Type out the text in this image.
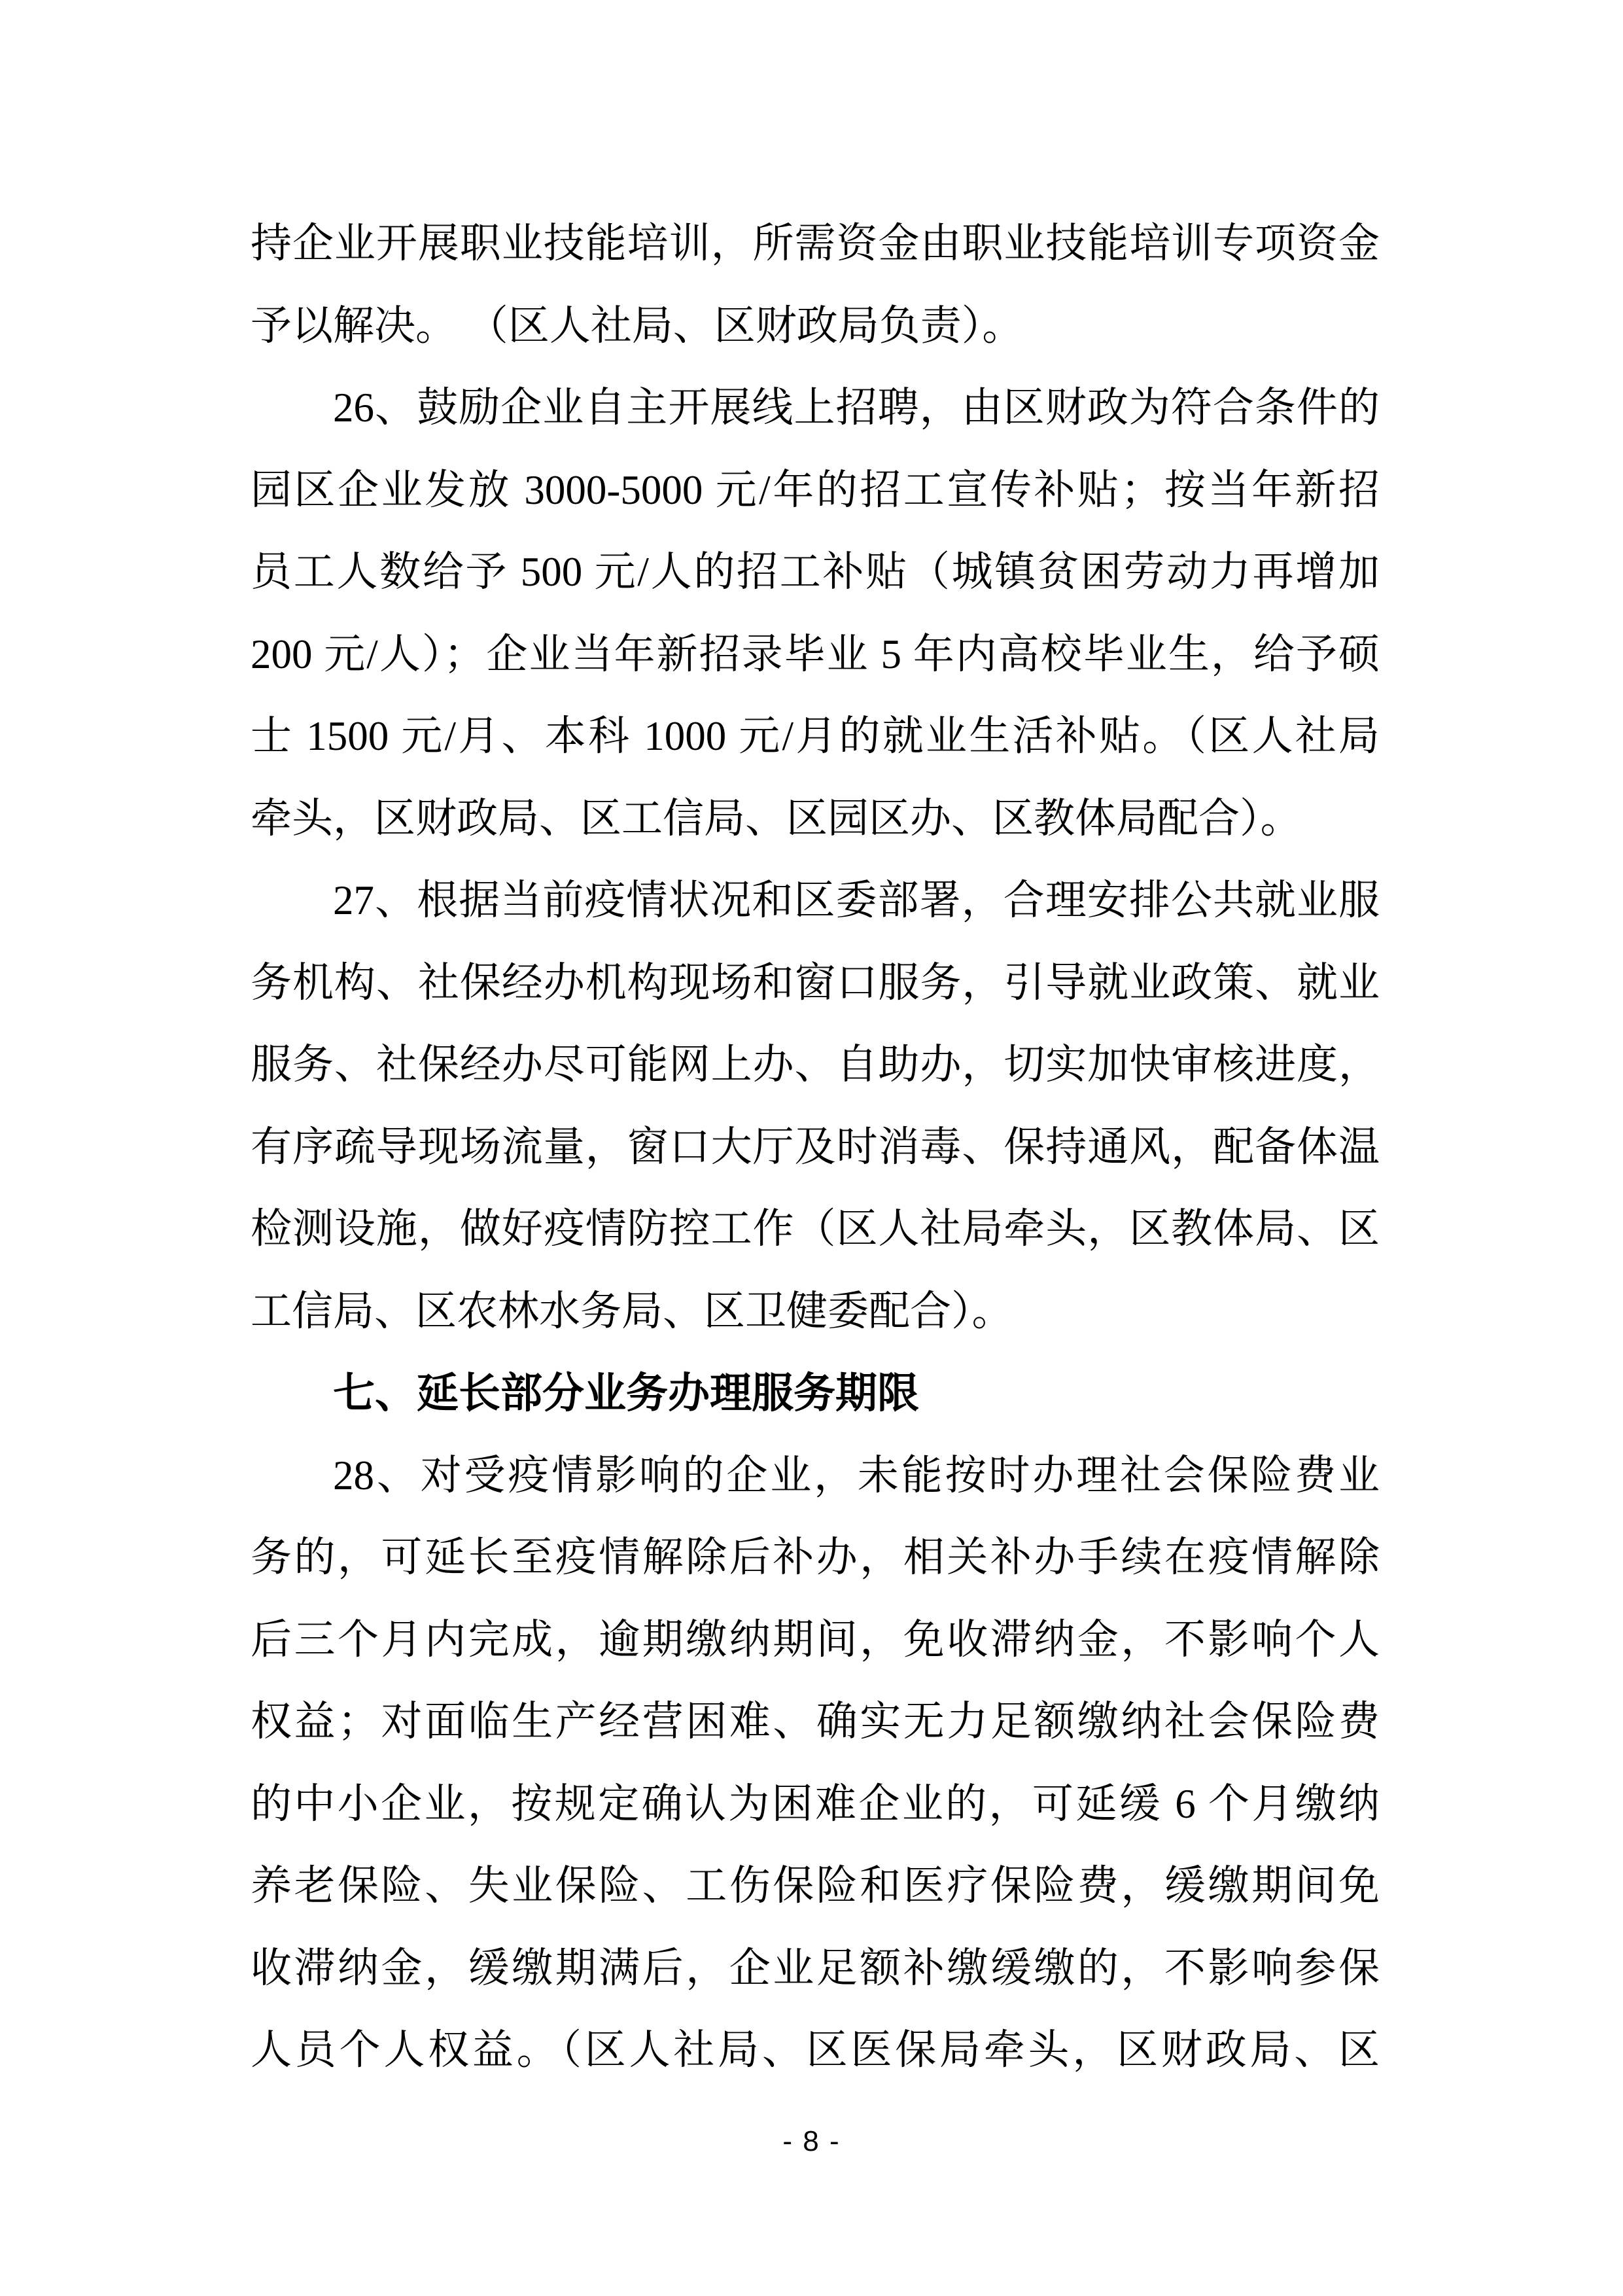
持企业开展职业技能培训，所需资金由职业技能培训专项资金
予以解决。 （区人社局、区财政局负责）。
26、鼓励企业自主开展线上招聘，由区财政为符合条件的
园区企业发放 3000-5000 元/年的招工宣传补贴；按当年新招
员工人数给予 500 元/人的招工补贴（城镇贫困劳动力再增加
200 元/人）；企业当年新招录毕业 5 年内高校毕业生，给予硕
士 1500 元/月、本科 1000 元/月的就业生活补贴。（区人社局
牵头，区财政局、区工信局、区园区办、区教体局配合）。
27、根据当前疫情状况和区委部署，合理安排公共就业服
务机构、社保经办机构现场和窗口服务，引导就业政策、就业
服务、社保经办尽可能网上办、自助办，切实加快审核进度，
有序疏导现场流量，窗口大厅及时消毒、保持通风，配备体温
检测设施，做好疫情防控工作（区人社局牵头，区教体局、区
工信局、区农林水务局、区卫健委配合）。
七、延长部分业务办理服务期限
28、对受疫情影响的企业，未能按时办理社会保险费业
务的，可延长至疫情解除后补办，相关补办手续在疫情解除
后三个月内完成，逾期缴纳期间，免收滞纳金，不影响个人
权益；对面临生产经营困难、确实无力足额缴纳社会保险费
的中小企业，按规定确认为困难企业的，可延缓 6 个月缴纳
养老保险、失业保险、工伤保险和医疗保险费，缓缴期间免
收滞纳金，缓缴期满后，企业足额补缴缓缴的，不影响参保
人员个人权益。（区人社局、区医保局牵头，区财政局、区
- 8 -
